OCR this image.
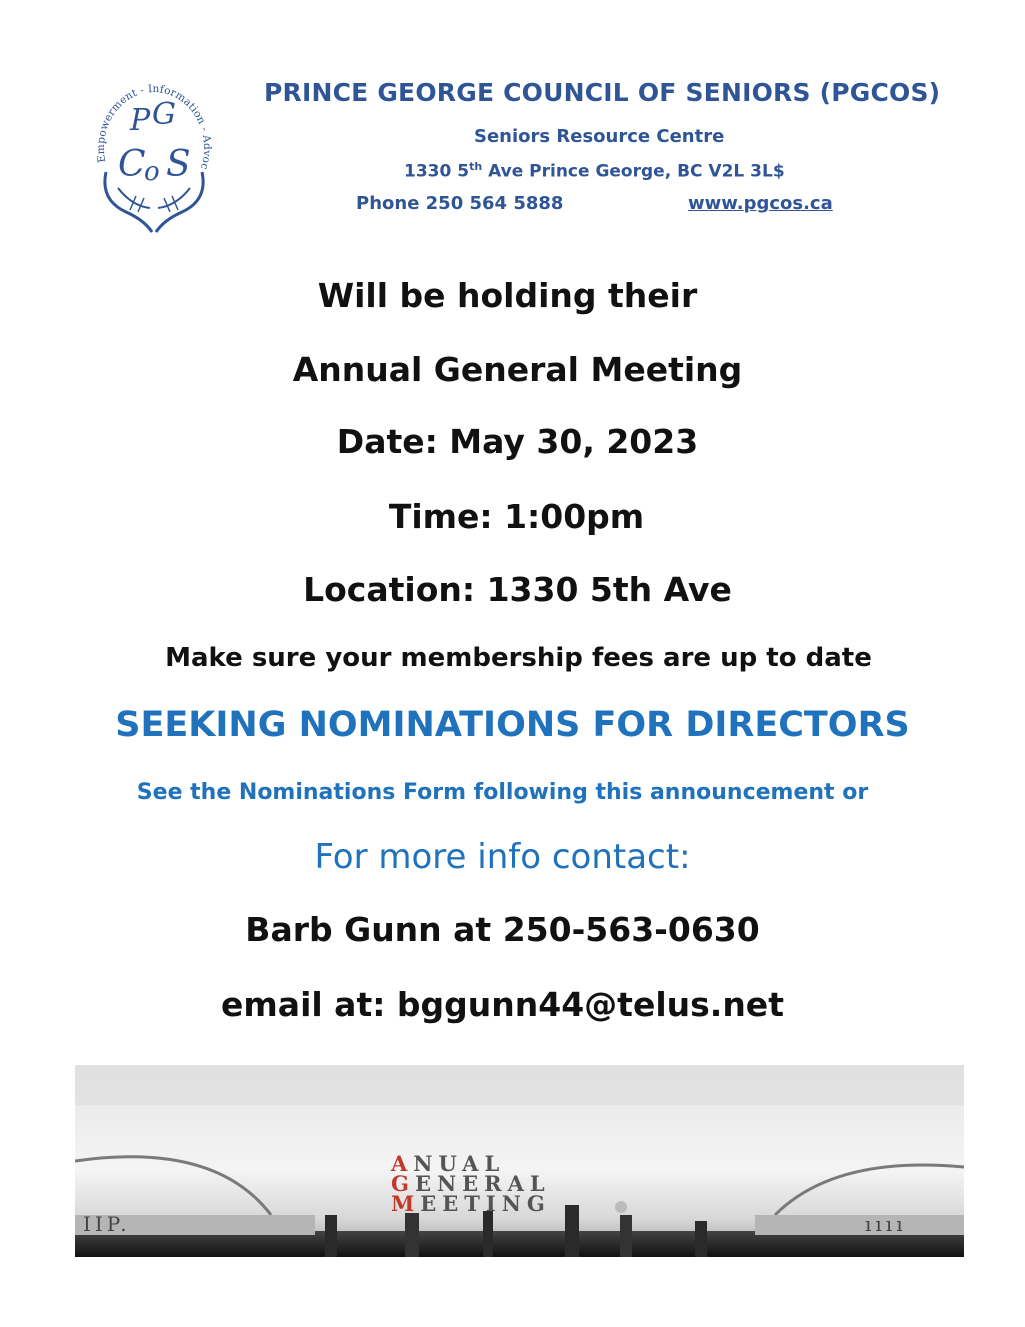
Empowerment - Information - Advoc
P G
C
o S
PRINCE GEORGE COUNCIL OF SENIORS (PGCOS)
Seniors Resource Centre
1330 5th Ave Prince George, BC V2L 3L$
Phone 250 564 5888	www.pgcos.ca
Will be holding their
Annual General Meeting
Date: May 30, 2023
Time: 1:00pm
Location: 1330 5th Ave
Make sure your membership fees are up to date
SEEKING NOMINATIONS FOR DIRECTORS
See the Nominations Form following this announcement or
For more info contact:
Barb Gunn at 250-563-0630
email at: bggunn44@telus.net
IIP.	ıııı
ANUAL
GENERAL
MEETING
